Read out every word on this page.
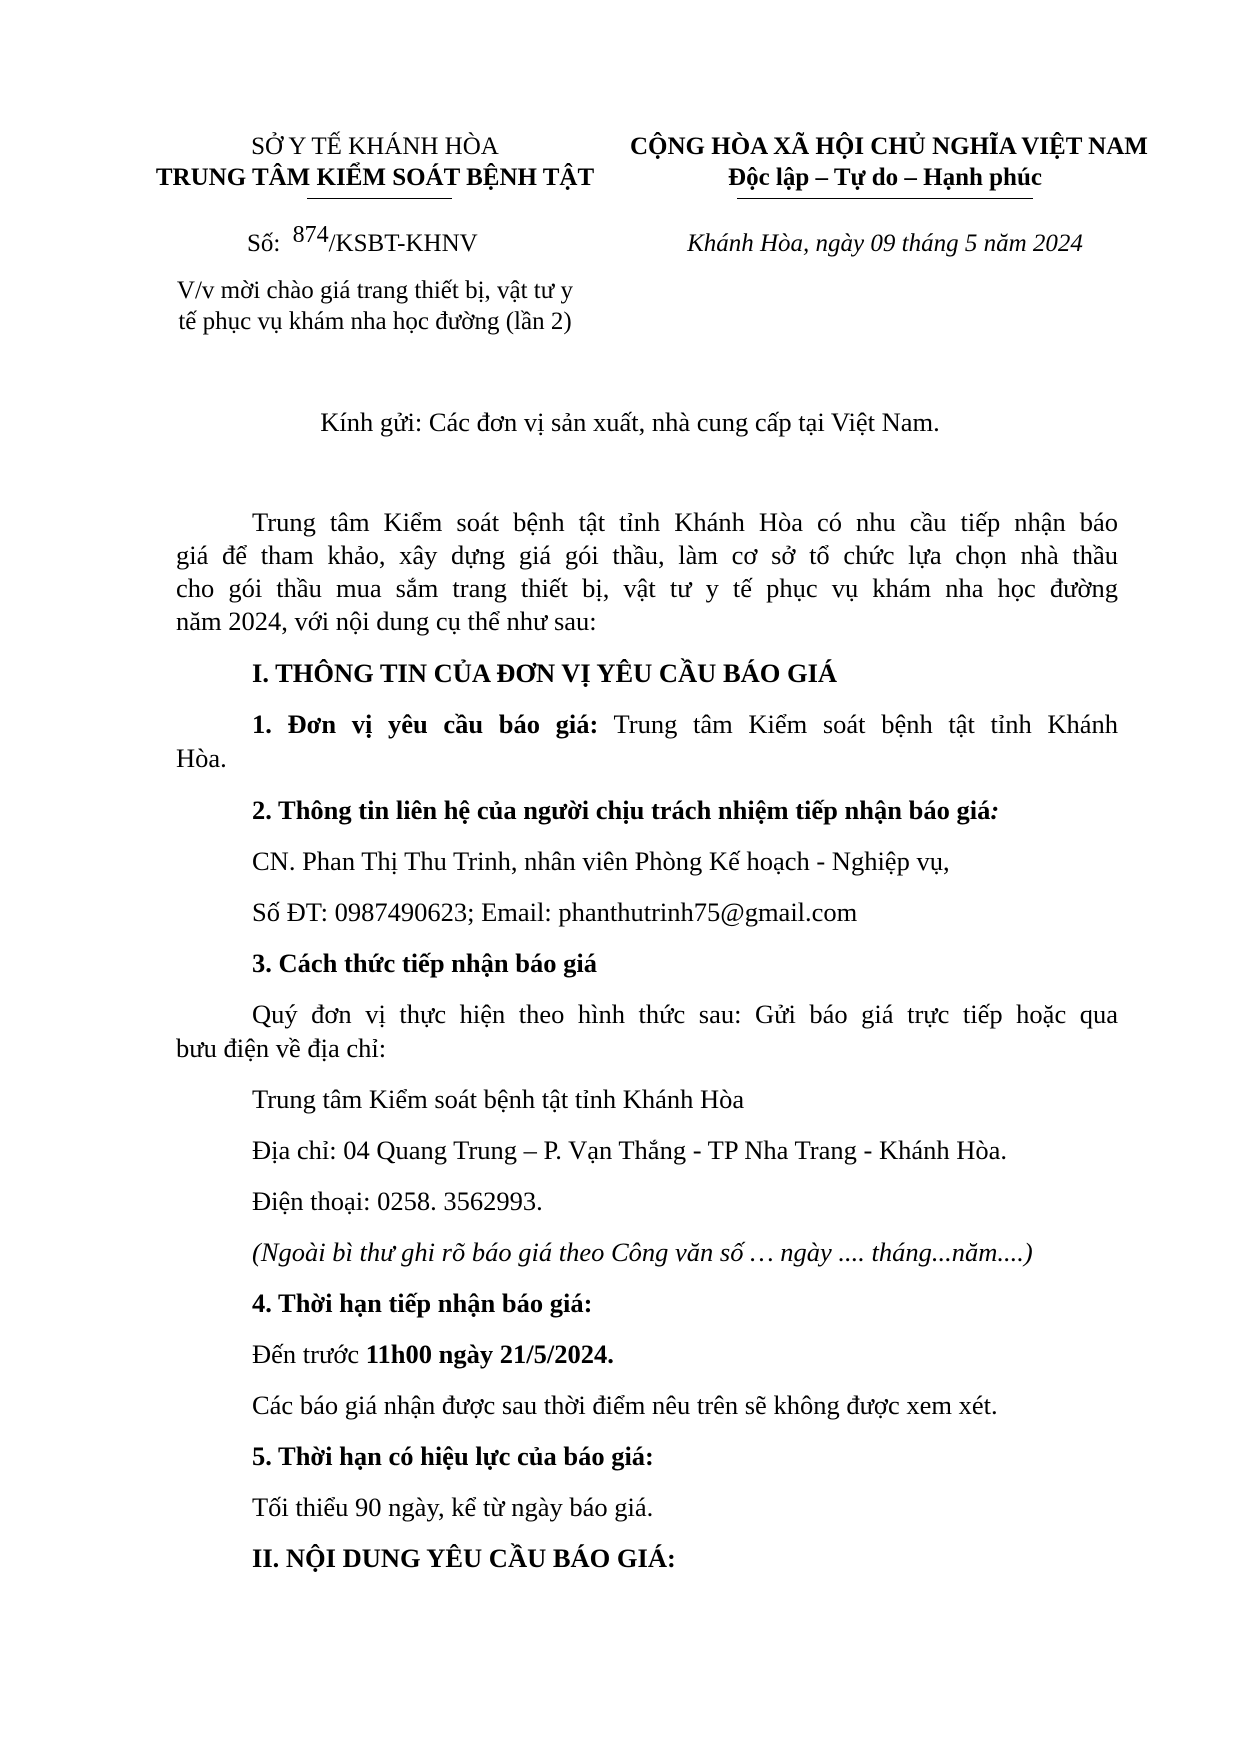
SỞ Y TẾ KHÁNH HÒA
TRUNG TÂM KIỂM SOÁT BỆNH TẬT
Số: 874/KSBT-KHNV
V/v mời chào giá trang thiết bị, vật tư y
tế phục vụ khám nha học đường (lần 2)
CỘNG HÒA XÃ HỘI CHỦ NGHĨA VIỆT NAM
Độc lập – Tự do – Hạnh phúc
Khánh Hòa, ngày 09 tháng 5 năm 2024
Kính gửi: Các đơn vị sản xuất, nhà cung cấp tại Việt Nam.
Trung tâm Kiểm soát bệnh tật tỉnh Khánh Hòa có nhu cầu tiếp nhận báo
giá để tham khảo, xây dựng giá gói thầu, làm cơ sở tổ chức lựa chọn nhà thầu
cho gói thầu mua sắm trang thiết bị, vật tư y tế phục vụ khám nha học đường
năm 2024, với nội dung cụ thể như sau:
I. THÔNG TIN CỦA ĐƠN VỊ YÊU CẦU BÁO GIÁ
1. Đơn vị yêu cầu báo giá: Trung tâm Kiểm soát bệnh tật tỉnh Khánh
Hòa.
2. Thông tin liên hệ của người chịu trách nhiệm tiếp nhận báo giá:
CN. Phan Thị Thu Trinh, nhân viên Phòng Kế hoạch - Nghiệp vụ,
Số ĐT: 0987490623; Email: phanthutrinh75@gmail.com
3. Cách thức tiếp nhận báo giá
Quý đơn vị thực hiện theo hình thức sau: Gửi báo giá trực tiếp hoặc qua
bưu điện về địa chỉ:
Trung tâm Kiểm soát bệnh tật tỉnh Khánh Hòa
Địa chỉ: 04 Quang Trung – P. Vạn Thắng - TP Nha Trang - Khánh Hòa.
Điện thoại: 0258. 3562993.
(Ngoài bì thư ghi rõ báo giá theo Công văn số … ngày .... tháng...năm....)
4. Thời hạn tiếp nhận báo giá:
Đến trước 11h00 ngày 21/5/2024.
Các báo giá nhận được sau thời điểm nêu trên sẽ không được xem xét.
5. Thời hạn có hiệu lực của báo giá:
Tối thiểu 90 ngày, kể từ ngày báo giá.
II. NỘI DUNG YÊU CẦU BÁO GIÁ:
